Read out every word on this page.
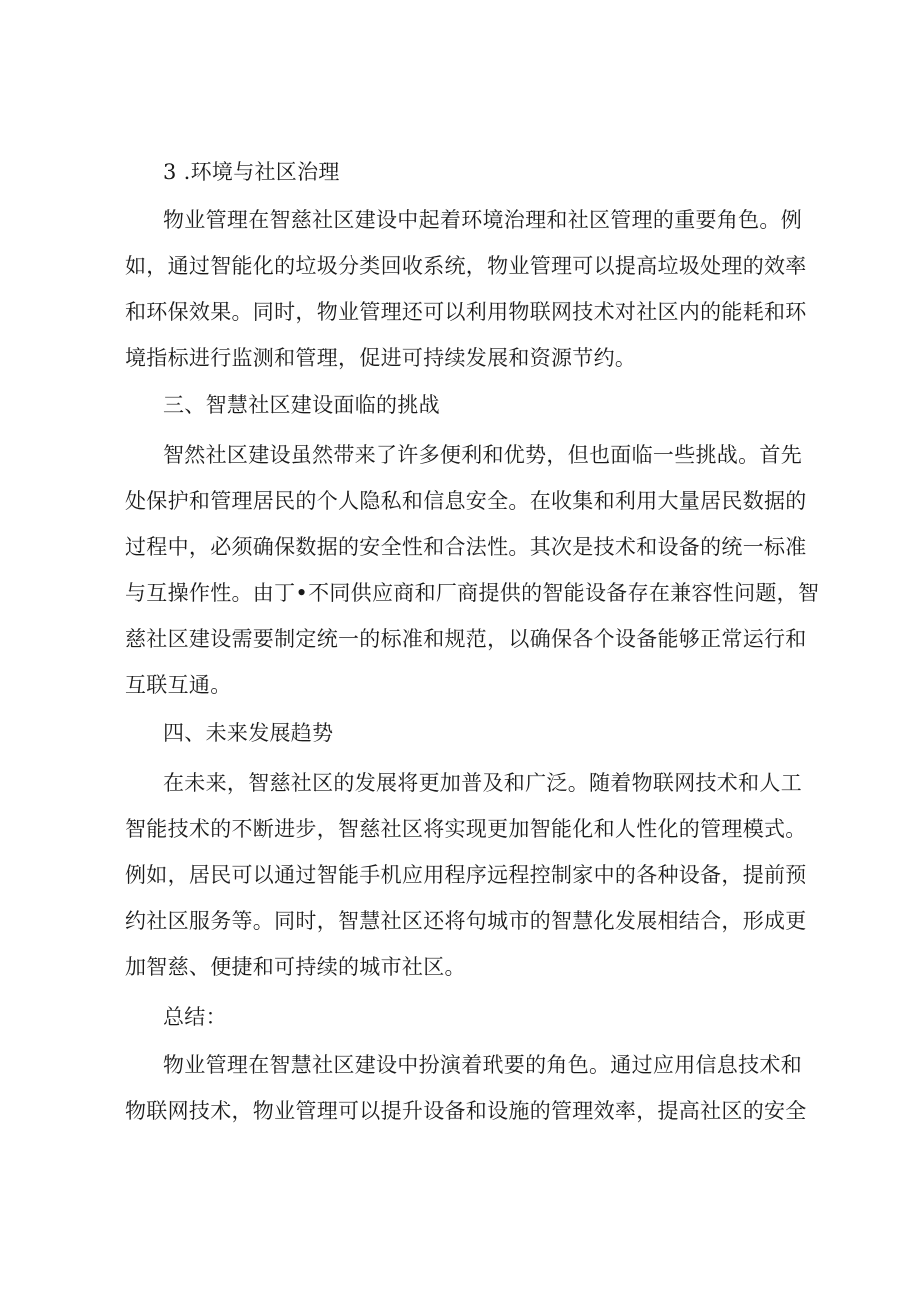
3 .环境与社区治理
物业管理在智慈社区建设中起着环境治理和社区管理的重要角色。例
如，通过智能化的垃圾分类回收系统，物业管理可以提高垃圾处理的效率
和环保效果。同时，物业管理还可以利用物联网技术对社区内的能耗和环
境指标进行监测和管理，促进可持续发展和资源节约。
三、智慧社区建设面临的挑战
智然社区建设虽然带来了许多便利和优势，但也面临一些挑战。首先
处保护和管理居民的个人隐私和信息安全。在收集和利用大量居民数据的
过程中，必须确保数据的安全性和合法性。其次是技术和设备的统一标准
与互操作性。由丁•不同供应商和厂商提供的智能设备存在兼容性问题，智
慈社区建设需要制定统一的标准和规范，以确保各个设备能够正常运行和
互联互通。
四、未来发展趋势
在未来，智慈社区的发展将更加普及和广泛。随着物联网技术和人工
智能技术的不断进步，智慈社区将实现更加智能化和人性化的管理模式。
例如，居民可以通过智能手机应用程序远程控制家中的各种设备，提前预
约社区服务等。同时，智慧社区还将句城市的智慧化发展相结合，形成更
加智慈、便捷和可持续的城市社区。
总结：
物业管理在智慧社区建设中扮演着玳要的角色。通过应用信息技术和
物联网技术，物业管理可以提升设备和设施的管理效率，提高社区的安全
